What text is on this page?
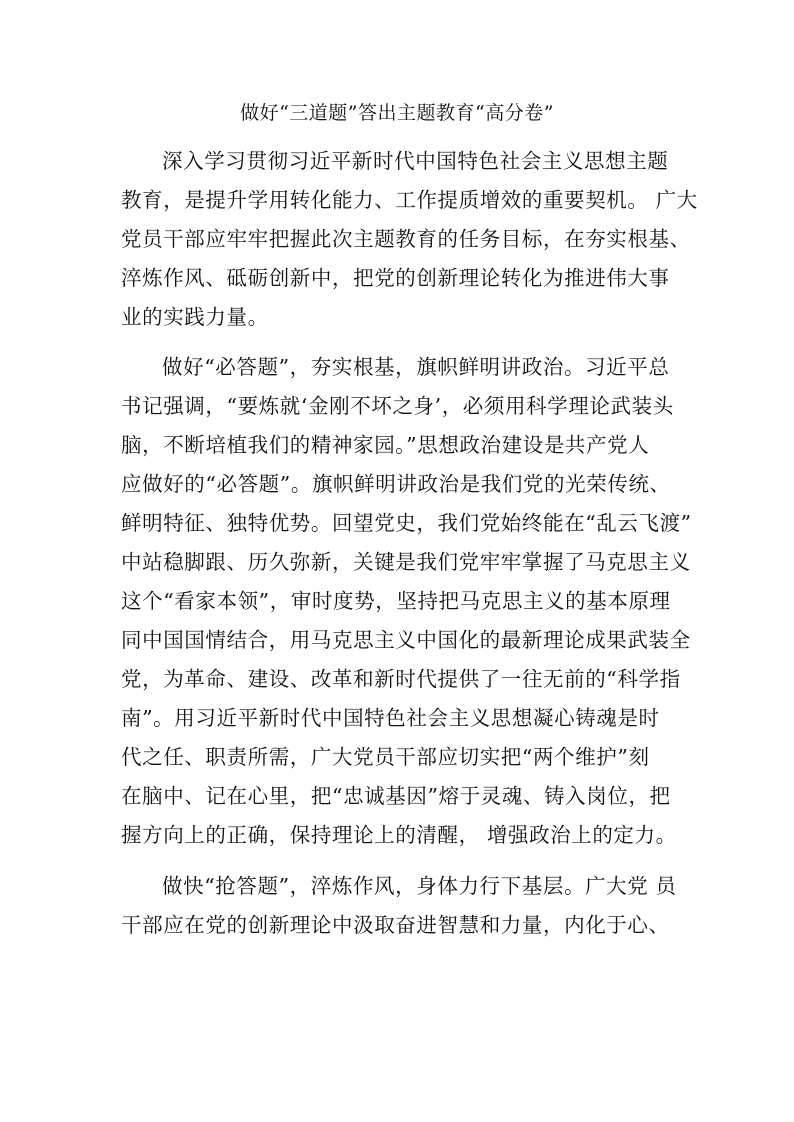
做好“三道题”答出主题教育“高分卷”
深入学习贯彻习近平新时代中国特色社会主义思想主题
教育，是提升学用转化能力、工作提质增效的重要契机。 广大
党员干部应牢牢把握此次主题教育的任务目标，在夯实根基、
淬炼作风、砥砺创新中，把党的创新理论转化为推进伟大事
业的实践力量。
做好“必答题”，夯实根基，旗帜鲜明讲政治。习近平总
书记强调，“要炼就‘金刚不坏之身’，必须用科学理论武装头
脑，不断培植我们的精神家园。”思想政治建设是共产党人
应做好的“必答题”。旗帜鲜明讲政治是我们党的光荣传统、
鲜明特征、独特优势。回望党史，我们党始终能在“乱云飞渡”
中站稳脚跟、历久弥新，关键是我们党牢牢掌握了马克思主义
这个“看家本领”，审时度势，坚持把马克思主义的基本原理
同中国国情结合，用马克思主义中国化的最新理论成果武装全
党，为革命、建设、改革和新时代提供了一往无前的“科学指
南”。用习近平新时代中国特色社会主义思想凝心铸魂是时
代之任、职责所需，广大党员干部应切实把“两个维护”刻
在脑中、记在心里，把“忠诚基因”熔于灵魂、铸入岗位，把
握方向上的正确，保持理论上的清醒， 增强政治上的定力。
做快“抢答题”，淬炼作风，身体力行下基层。广大党 员
干部应在党的创新理论中汲取奋进智慧和力量，内化于心、
